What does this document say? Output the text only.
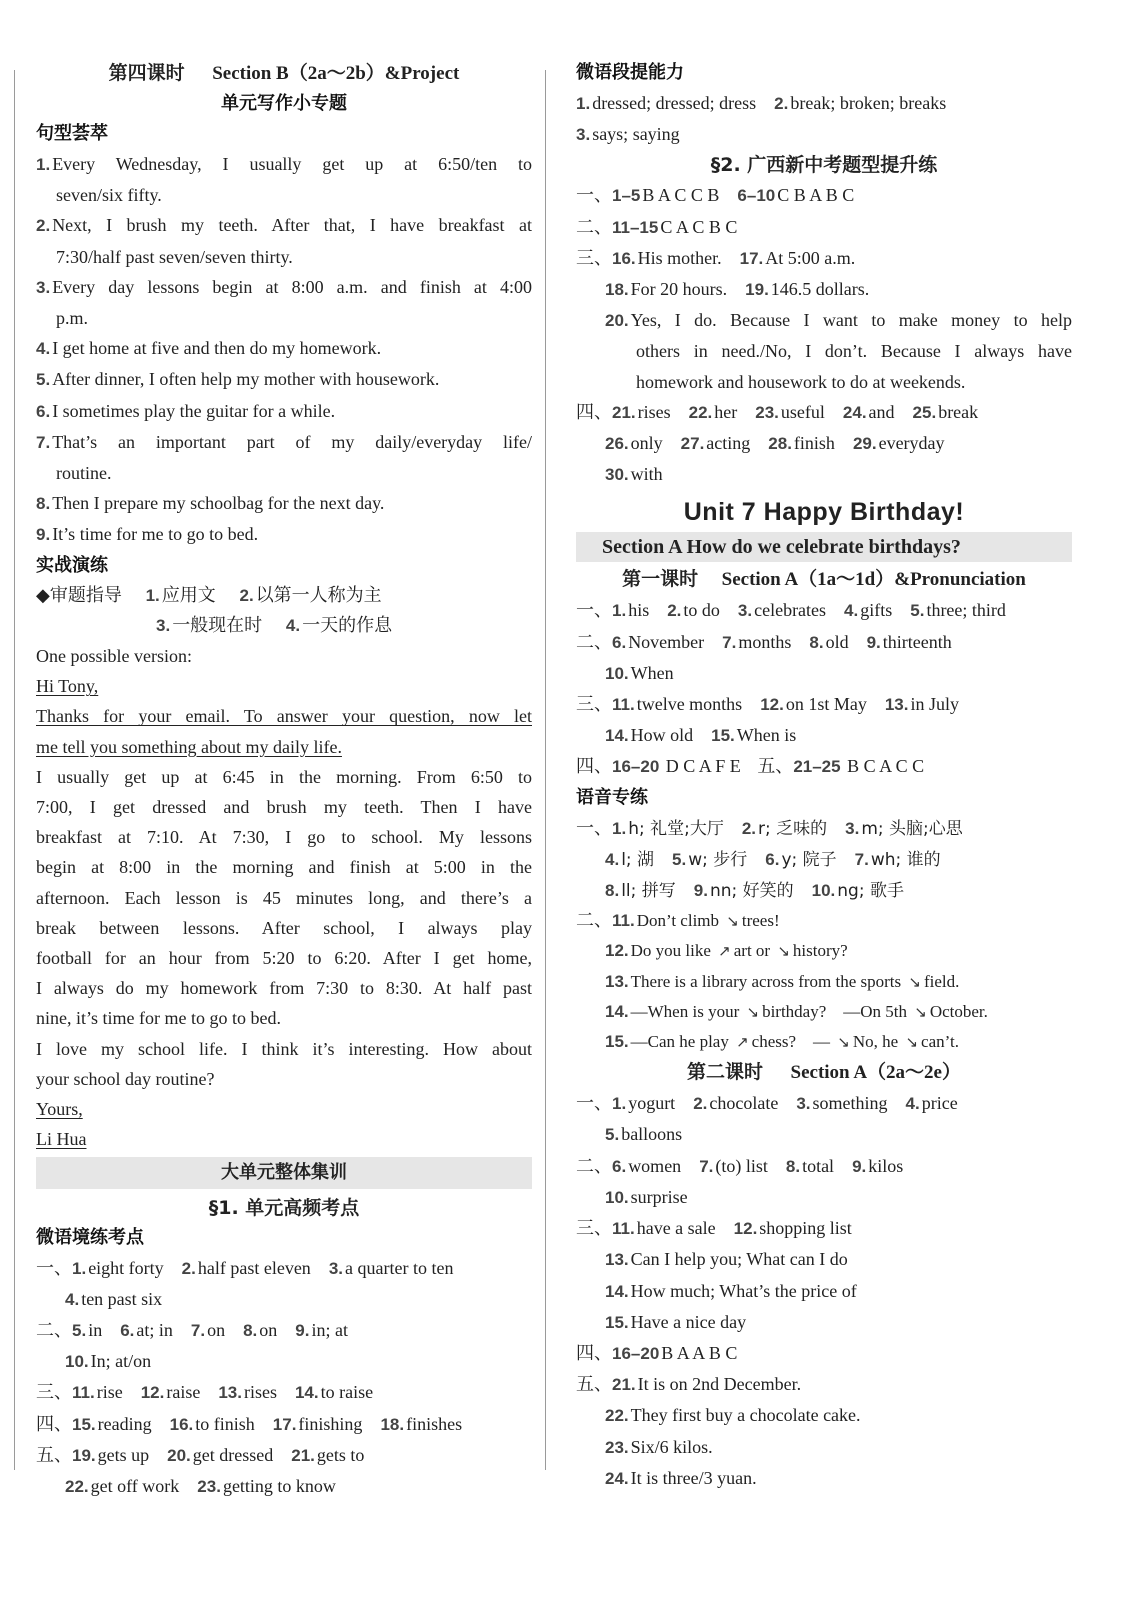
第四课时 Section B（2a～2b）&Project
单元写作小专题
句型荟萃
1. Every Wednesday, I usually get up at 6:50/ten to
seven/six fifty.
2. Next, I brush my teeth. After that, I have breakfast at
7:30/half past seven/seven thirty.
3. Every day lessons begin at 8:00 a.m. and finish at 4:00
p.m.
4. I get home at five and then do my homework.
5. After dinner, I often help my mother with housework.
6. I sometimes play the guitar for a while.
7. That’s an important part of my daily/everyday life/
routine.
8. Then I prepare my schoolbag for the next day.
9. It’s time for me to go to bed.
实战演练
◆审题指导 1. 应用文 2. 以第一人称为主
3. 一般现在时 4. 一天的作息
One possible version:
Hi Tony,
Thanks for your email. To answer your question, now let
me tell you something about my daily life.
I usually get up at 6:45 in the morning. From 6:50 to
7:00, I get dressed and brush my teeth. Then I have
breakfast at 7:10. At 7:30, I go to school. My lessons
begin at 8:00 in the morning and finish at 5:00 in the
afternoon. Each lesson is 45 minutes long, and there’s a
break between lessons. After school, I always play
football for an hour from 5:20 to 6:20. After I get home,
I always do my homework from 7:30 to 8:30. At half past
nine, it’s time for me to go to bed.
I love my school life. I think it’s interesting. How about
your school day routine?
Yours,
Li Hua
大单元整体集训
§1. 单元高频考点
微语境练考点
一、1. eight forty 2. half past eleven 3. a quarter to ten
4. ten past six
二、5. in 6. at; in 7. on 8. on 9. in; at
10. In; at/on
三、11. rise 12. raise 13. rises 14. to raise
四、15. reading 16. to finish 17. finishing 18. finishes
五、19. gets up 20. get dressed 21. gets to
22. get off work 23. getting to know
微语段提能力
1. dressed; dressed; dress 2. break; broken; breaks
3. says; saying
§2. 广西新中考题型提升练
一、1–5 B A C C B 6–10 C B A B C
二、11–15 C A C B C
三、16. His mother. 17. At 5:00 a.m.
18. For 20 hours. 19. 146.5 dollars.
20. Yes, I do. Because I want to make money to help
others in need./No, I don’t. Because I always have
homework and housework to do at weekends.
四、21. rises 22. her 23. useful 24. and 25. break
26. only 27. acting 28. finish 29. everyday
30. with
Unit 7 Happy Birthday!
Section A How do we celebrate birthdays?
第一课时 Section A（1a～1d）&Pronunciation
一、1. his 2. to do 3. celebrates 4. gifts 5. three; third
二、6. November 7. months 8. old 9. thirteenth
10. When
三、11. twelve months 12. on 1st May 13. in July
14. How old 15. When is
四、16–20 D C A F E 五、21–25 B C A C C
语音专练
一、1. h; 礼堂;大厅 2. r; 乏味的 3. m; 头脑;心思
4. l; 湖 5. w; 步行 6. y; 院子 7. wh; 谁的
8. ll; 拼写 9. nn; 好笑的 10. ng; 歌手
二、11. Don’t climb ↘ trees!
12. Do you like ↗ art or ↘ history?
13. There is a library across from the sports ↘ field.
14. —When is your ↘ birthday?　—On 5th ↘ October.
15. —Can he play ↗ chess?　— ↘ No, he ↘ can’t.
第二课时 Section A（2a～2e）
一、1. yogurt 2. chocolate 3. something 4. price
5. balloons
二、6. women 7. (to) list 8. total 9. kilos
10. surprise
三、11. have a sale 12. shopping list
13. Can I help you; What can I do
14. How much; What’s the price of
15. Have a nice day
四、16–20 B A A B C
五、21. It is on 2nd December.
22. They first buy a chocolate cake.
23. Six/6 kilos.
24. It is three/3 yuan.
